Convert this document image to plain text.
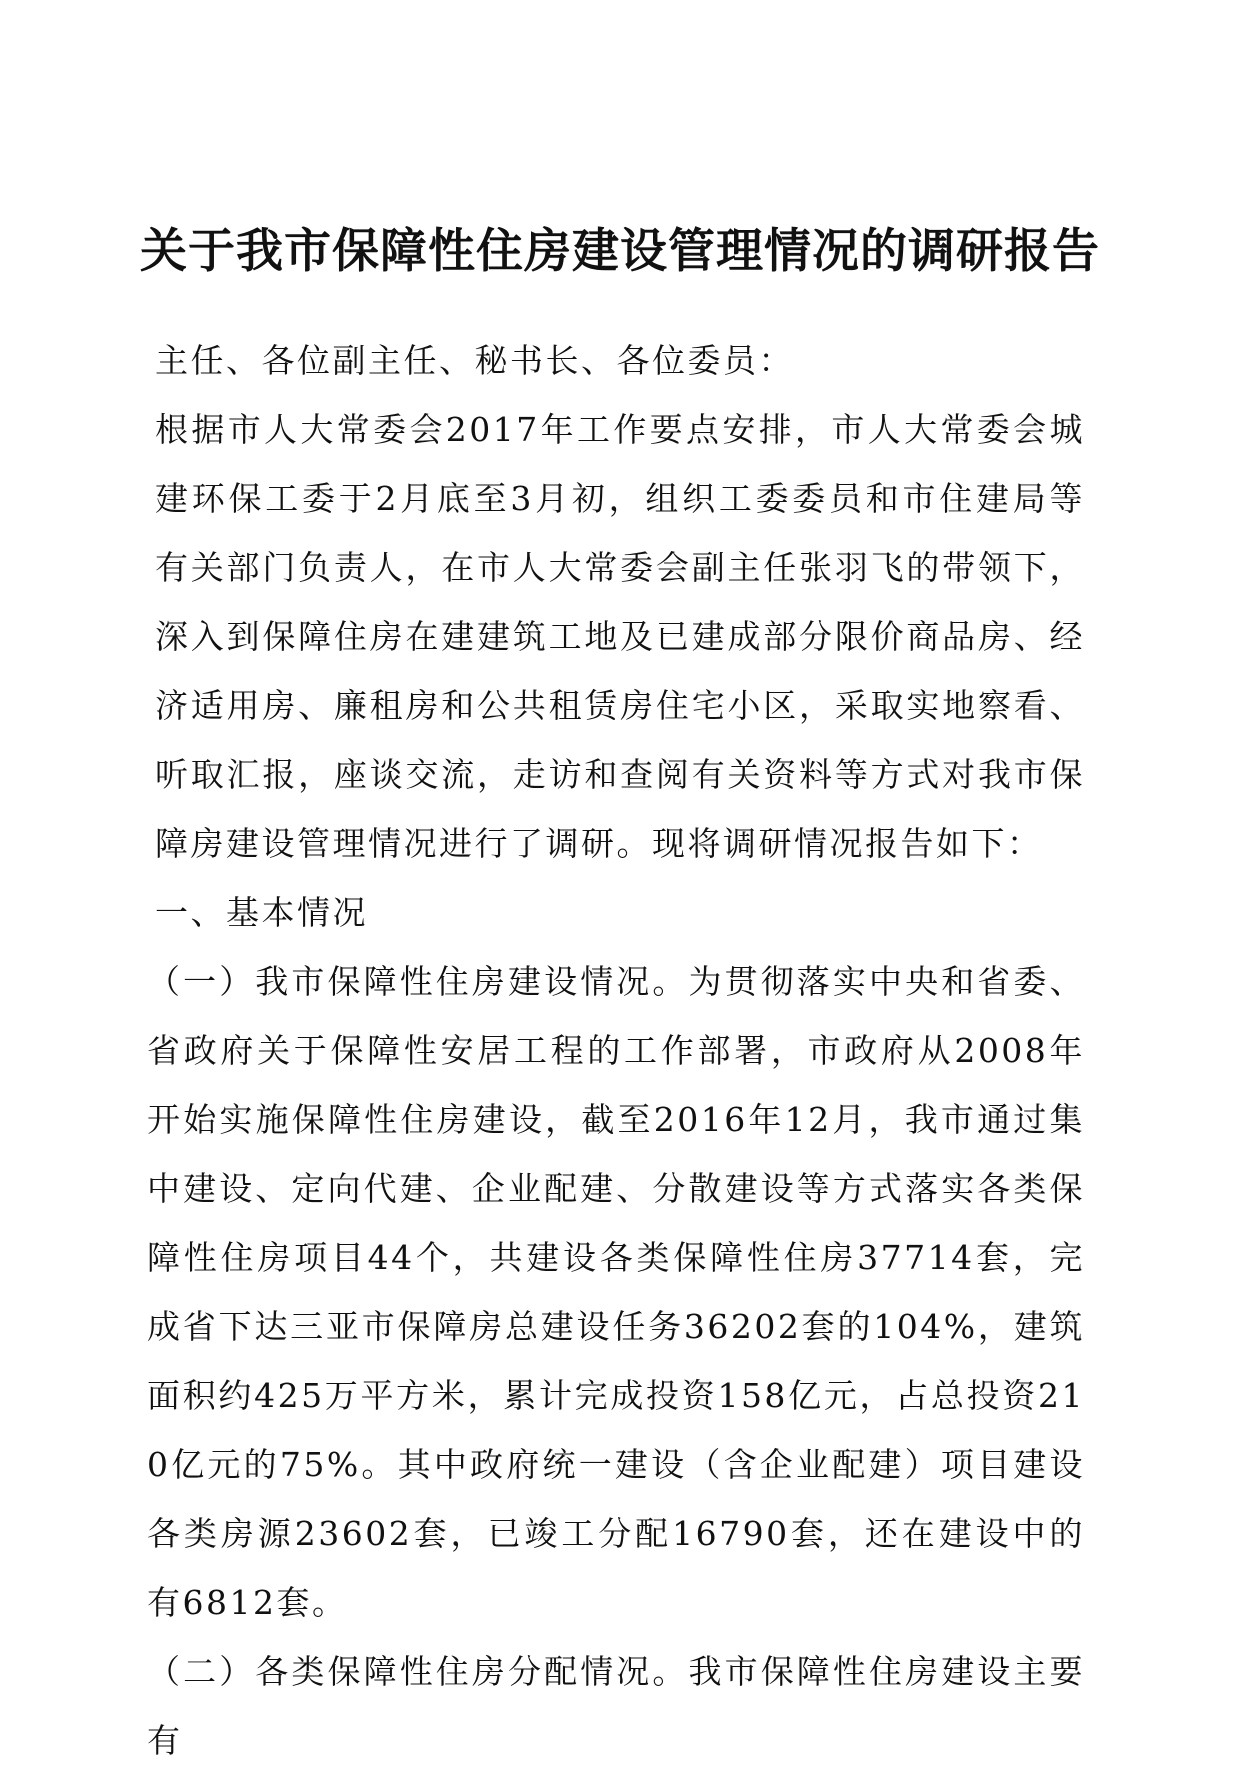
关于我市保障性住房建设管理情况的调研报告

主任、各位副主任、秘书长、各位委员：

根据市人大常委会2017年工作要点安排，市人大常委会城建环保工委于2月底至3月初，组织工委委员和市住建局等有关部门负责人，在市人大常委会副主任张羽飞的带领下，深入到保障住房在建建筑工地及已建成部分限价商品房、经济适用房、廉租房和公共租赁房住宅小区，采取实地察看、听取汇报，座谈交流，走访和查阅有关资料等方式对我市保障房建设管理情况进行了调研。现将调研情况报告如下：

一、基本情况

（一）我市保障性住房建设情况。为贯彻落实中央和省委、省政府关于保障性安居工程的工作部署，市政府从2008年开始实施保障性住房建设，截至2016年12月，我市通过集中建设、定向代建、企业配建、分散建设等方式落实各类保障性住房项目44个，共建设各类保障性住房37714套，完成省下达三亚市保障房总建设任务36202套的104%，建筑面积约425万平方米，累计完成投资158亿元，占总投资210亿元的75%。其中政府统一建设（含企业配建）项目建设各类房源23602套，已竣工分配16790套，还在建设中的有6812套。

（二）各类保障性住房分配情况。我市保障性住房建设主要有
